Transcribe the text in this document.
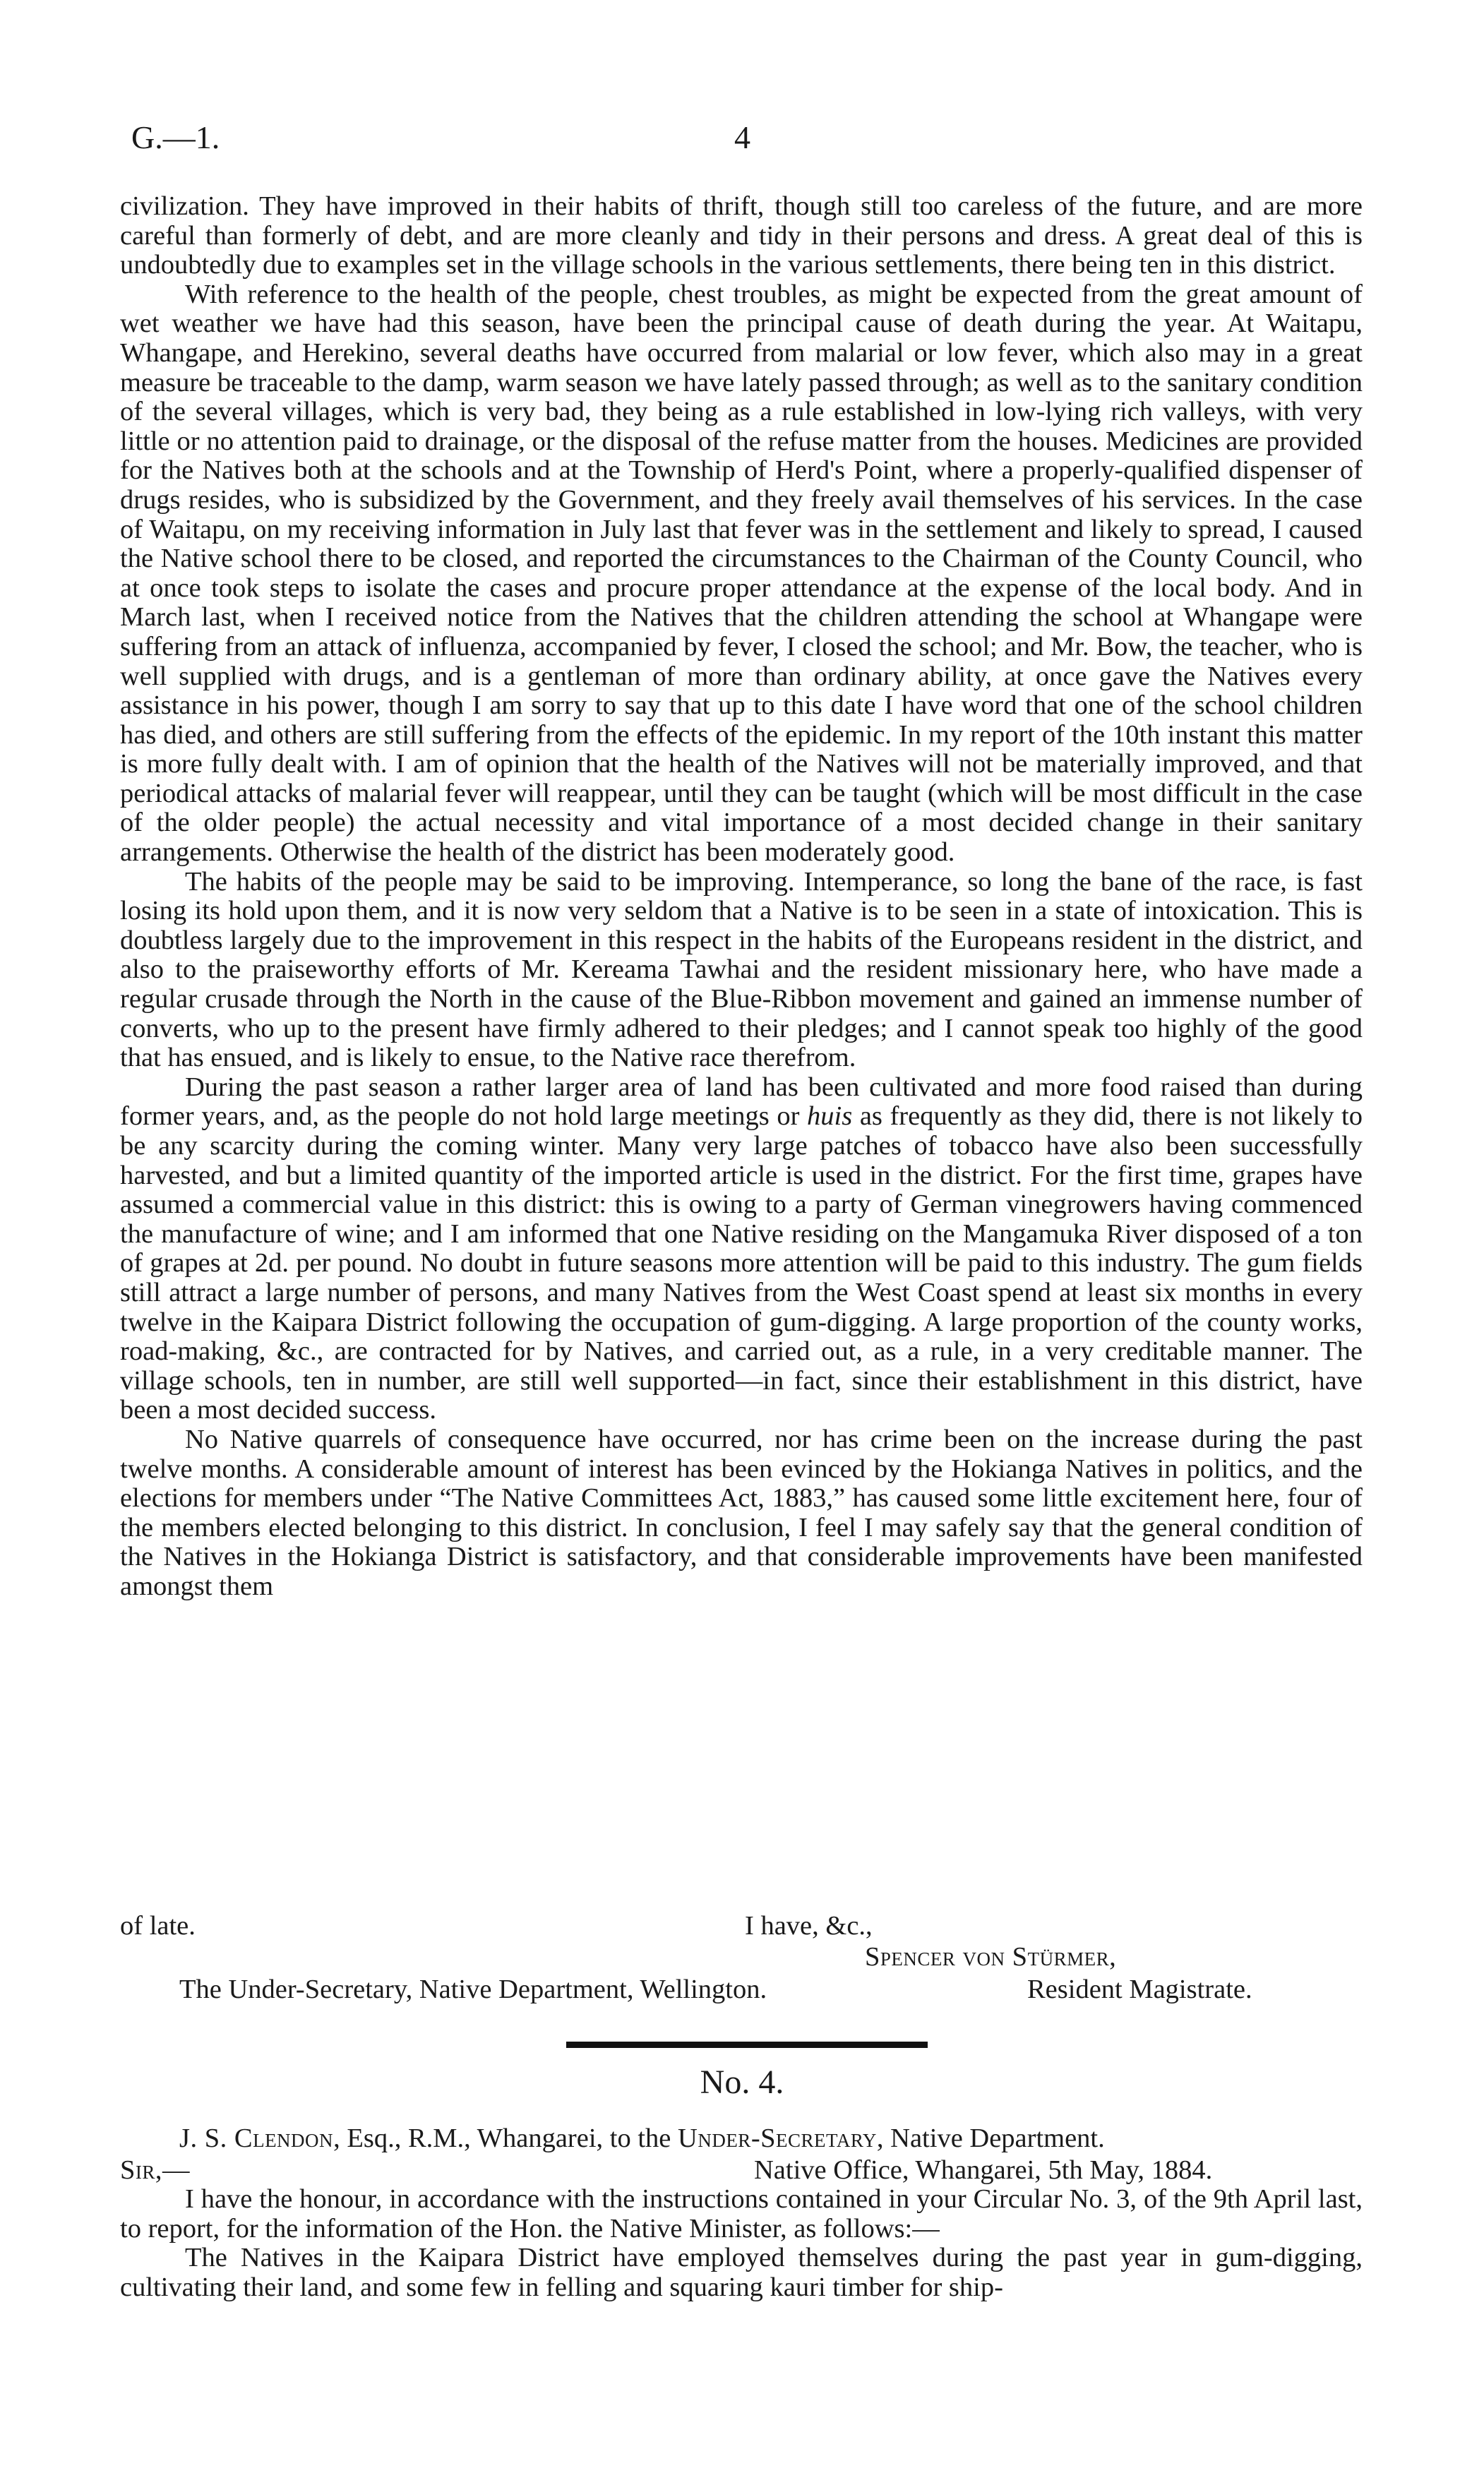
G.—1.	4

civilization. They have improved in their habits of thrift, though still too careless of the future, and are more careful than formerly of debt, and are more cleanly and tidy in their persons and dress. A great deal of this is undoubtedly due to examples set in the village schools in the various settlements, there being ten in this district.

With reference to the health of the people, chest troubles, as might be expected from the great amount of wet weather we have had this season, have been the principal cause of death during the year. At Waitapu, Whangape, and Herekino, several deaths have occurred from malarial or low fever, which also may in a great measure be traceable to the damp, warm season we have lately passed through; as well as to the sanitary condition of the several villages, which is very bad, they being as a rule established in low-lying rich valleys, with very little or no attention paid to drainage, or the disposal of the refuse matter from the houses. Medicines are provided for the Natives both at the schools and at the Township of Herd's Point, where a properly-qualified dispenser of drugs resides, who is subsidized by the Government, and they freely avail themselves of his services. In the case of Waitapu, on my receiving information in July last that fever was in the settlement and likely to spread, I caused the Native school there to be closed, and reported the circumstances to the Chairman of the County Council, who at once took steps to isolate the cases and procure proper attendance at the expense of the local body. And in March last, when I received notice from the Natives that the children attending the school at Whangape were suffering from an attack of influenza, accompanied by fever, I closed the school; and Mr. Bow, the teacher, who is well supplied with drugs, and is a gentleman of more than ordinary ability, at once gave the Natives every assistance in his power, though I am sorry to say that up to this date I have word that one of the school children has died, and others are still suffering from the effects of the epidemic. In my report of the 10th instant this matter is more fully dealt with. I am of opinion that the health of the Natives will not be materially improved, and that periodical attacks of malarial fever will reappear, until they can be taught (which will be most difficult in the case of the older people) the actual necessity and vital importance of a most decided change in their sanitary arrangements. Otherwise the health of the district has been moderately good.

The habits of the people may be said to be improving. Intemperance, so long the bane of the race, is fast losing its hold upon them, and it is now very seldom that a Native is to be seen in a state of intoxication. This is doubtless largely due to the improvement in this respect in the habits of the Europeans resident in the district, and also to the praiseworthy efforts of Mr. Kereama Tawhai and the resident missionary here, who have made a regular crusade through the North in the cause of the Blue-Ribbon movement and gained an immense number of converts, who up to the present have firmly adhered to their pledges; and I cannot speak too highly of the good that has ensued, and is likely to ensue, to the Native race therefrom.

During the past season a rather larger area of land has been cultivated and more food raised than during former years, and, as the people do not hold large meetings or huis as frequently as they did, there is not likely to be any scarcity during the coming winter. Many very large patches of tobacco have also been successfully harvested, and but a limited quantity of the imported article is used in the district. For the first time, grapes have assumed a commercial value in this district: this is owing to a party of German vinegrowers having commenced the manufacture of wine; and I am informed that one Native residing on the Mangamuka River disposed of a ton of grapes at 2d. per pound. No doubt in future seasons more attention will be paid to this industry. The gum fields still attract a large number of persons, and many Natives from the West Coast spend at least six months in every twelve in the Kaipara District following the occupation of gum-digging. A large proportion of the county works, road-making, &c., are contracted for by Natives, and carried out, as a rule, in a very creditable manner. The village schools, ten in number, are still well supported—in fact, since their establishment in this district, have been a most decided success.

No Native quarrels of consequence have occurred, nor has crime been on the increase during the past twelve months. A considerable amount of interest has been evinced by the Hokianga Natives in politics, and the elections for members under “The Native Committees Act, 1883,” has caused some little excitement here, four of the members elected belonging to this district. In conclusion, I feel I may safely say that the general condition of the Natives in the Hokianga District is satisfactory, and that considerable improvements have been manifested amongst them

of late.	I have, &c.,
Spencer von Stürmer,
The Under-Secretary, Native Department, Wellington.	Resident Magistrate.
No. 4.
J. S. Clendon, Esq., R.M., Whangarei, to the Under-Secretary, Native Department.
Sir,—	Native Office, Whangarei, 5th May, 1884.

I have the honour, in accordance with the instructions contained in your Circular No. 3, of the 9th April last, to report, for the information of the Hon. the Native Minister, as follows:—

The Natives in the Kaipara District have employed themselves during the past year in gum-digging, cultivating their land, and some few in felling and squaring kauri timber for ship-
